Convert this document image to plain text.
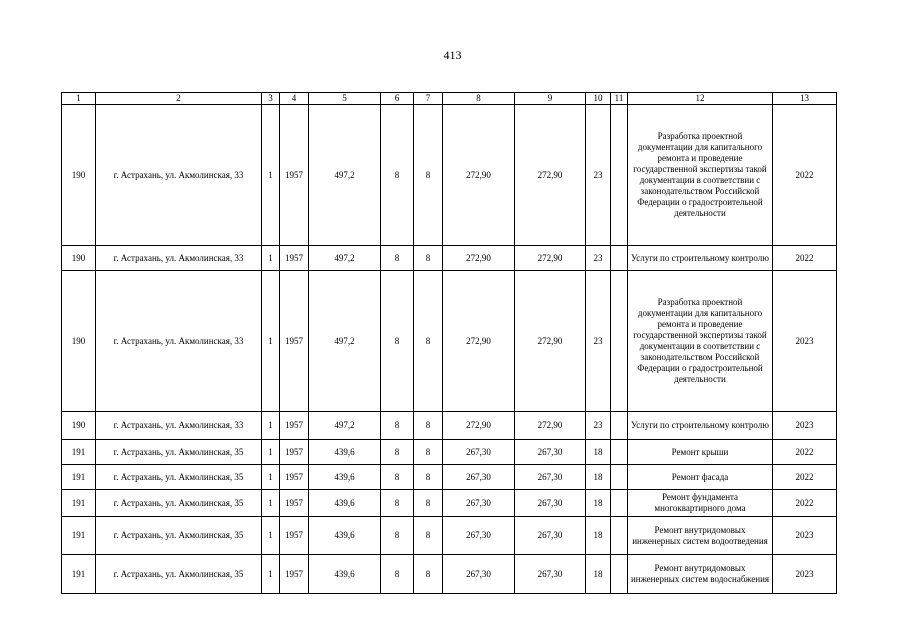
413
1	2	3	4	5	6	7	8	9	10	11	12	13
190	г. Астрахань, ул. Акмолинская, 33	1	1957	497,2	8	8	272,90	272,90	23		Разработка проектной документации для капитального ремонта и проведение государственной экспертизы такой документации в соответствии с законодательством Российской Федерации о градостроительной деятельности	2022
190	г. Астрахань, ул. Акмолинская, 33	1	1957	497,2	8	8	272,90	272,90	23		Услуги по строительному контролю	2022
190	г. Астрахань, ул. Акмолинская, 33	1	1957	497,2	8	8	272,90	272,90	23		Разработка проектной документации для капитального ремонта и проведение государственной экспертизы такой документации в соответствии с законодательством Российской Федерации о градостроительной деятельности	2023
190	г. Астрахань, ул. Акмолинская, 33	1	1957	497,2	8	8	272,90	272,90	23		Услуги по строительному контролю	2023
191	г. Астрахань, ул. Акмолинская, 35	1	1957	439,6	8	8	267,30	267,30	18		Ремонт крыши	2022
191	г. Астрахань, ул. Акмолинская, 35	1	1957	439,6	8	8	267,30	267,30	18		Ремонт фасада	2022
191	г. Астрахань, ул. Акмолинская, 35	1	1957	439,6	8	8	267,30	267,30	18		Ремонт фундамента многоквартирного дома	2022
191	г. Астрахань, ул. Акмолинская, 35	1	1957	439,6	8	8	267,30	267,30	18		Ремонт внутридомовых инженерных систем водоотведения	2023
191	г. Астрахань, ул. Акмолинская, 35	1	1957	439,6	8	8	267,30	267,30	18		Ремонт внутридомовых инженерных систем водоснабжения	2023
